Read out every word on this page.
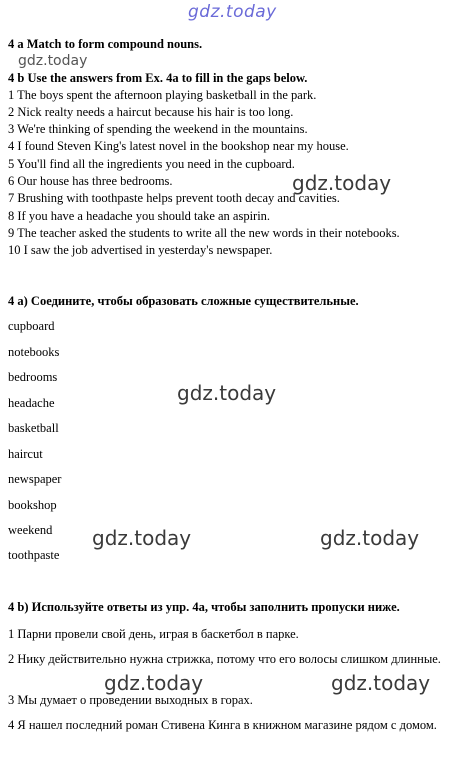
gdz.today
gdz.today
gdz.today
gdz.today
gdz.today	gdz.today
gdz.today	gdz.today
4 a Match to form compound nouns.
4 b Use the answers from Ex. 4a to fill in the gaps below.
1 The boys spent the afternoon playing basketball in the park.
2 Nick realty needs a haircut because his hair is too long.
3 We're thinking of spending the weekend in the mountains.
4 I found Steven King's latest novel in the bookshop near my house.
5 You'll find all the ingredients you need in the cupboard.
6 Our house has three bedrooms.
7 Brushing with toothpaste helps prevent tooth decay and cavities.
8 If you have a headache you should take an aspirin.
9 The teacher asked the students to write all the new words in their notebooks.
10 I saw the job advertised in yesterday's newspaper.
4 а) Соедините, чтобы образовать сложные существительные.
cupboard
notebooks
bedrooms
headache
basketball
haircut
newspaper
bookshop
weekend
toothpaste
4 b) Используйте ответы из упр. 4а, чтобы заполнить пропуски ниже.
1 Парни провели свой день, играя в баскетбол в парке.
2 Нику действительно нужна стрижка, потому что его волосы слишком длинные.
3 Мы думает о проведении выходных в горах.
4 Я нашел последний роман Стивена Кинга в книжном магазине рядом с домом.
